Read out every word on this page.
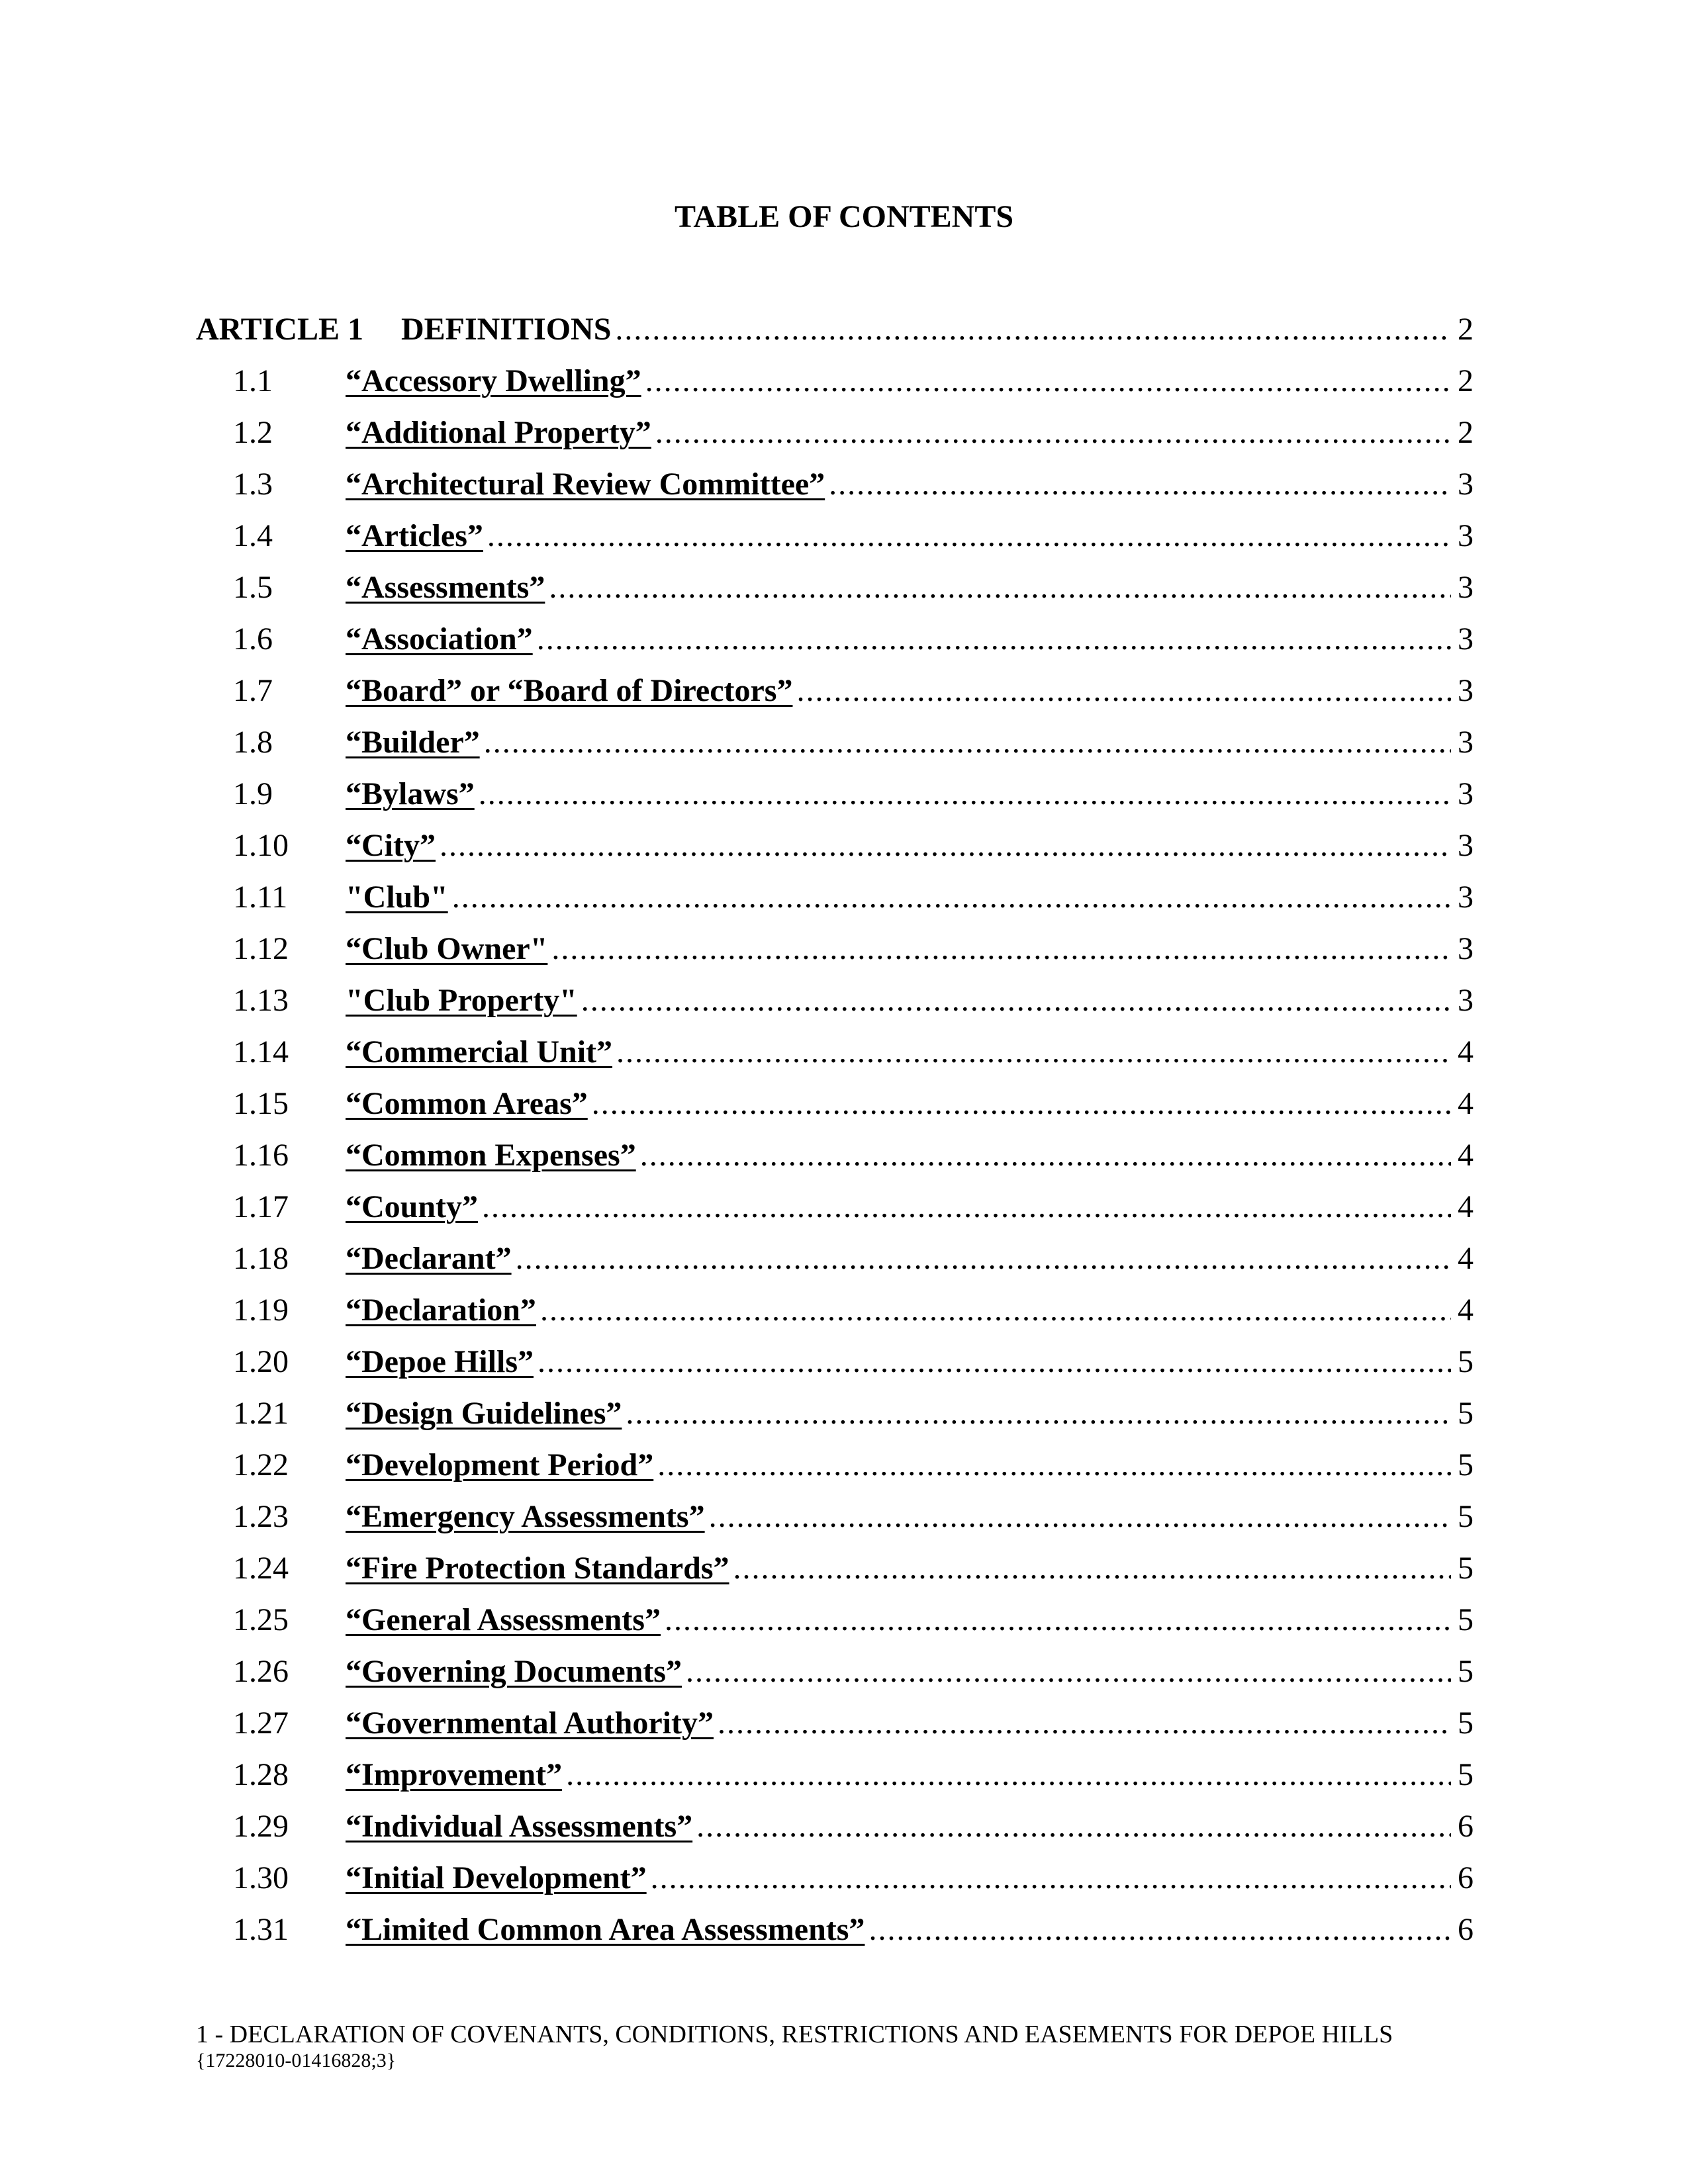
TABLE OF CONTENTS
ARTICLE 1	DEFINITIONS .....	2
1.1	“Accessory Dwelling” .....	2
1.2	“Additional Property” .....	2
1.3	“Architectural Review Committee” .....	3
1.4	“Articles” .....	3
1.5	“Assessments” .....	3
1.6	“Association” .....	3
1.7	“Board” or “Board of Directors” .....	3
1.8	“Builder” .....	3
1.9	“Bylaws” .....	3
1.10	“City” .....	3
1.11	"Club" .....	3
1.12	“Club Owner" .....	3
1.13	"Club Property" .....	3
1.14	“Commercial Unit” .....	4
1.15	“Common Areas” .....	4
1.16	“Common Expenses” .....	4
1.17	“County” .....	4
1.18	“Declarant” .....	4
1.19	“Declaration” .....	4
1.20	“Depoe Hills” .....	5
1.21	“Design Guidelines” .....	5
1.22	“Development Period” .....	5
1.23	“Emergency Assessments” .....	5
1.24	“Fire Protection Standards” .....	5
1.25	“General Assessments” .....	5
1.26	“Governing Documents” .....	5
1.27	“Governmental Authority” .....	5
1.28	“Improvement” .....	5
1.29	“Individual Assessments” .....	6
1.30	“Initial Development” .....	6
1.31	“Limited Common Area Assessments” .....	6
1 - DECLARATION OF COVENANTS, CONDITIONS, RESTRICTIONS AND EASEMENTS FOR DEPOE HILLS
{17228010-01416828;3}
